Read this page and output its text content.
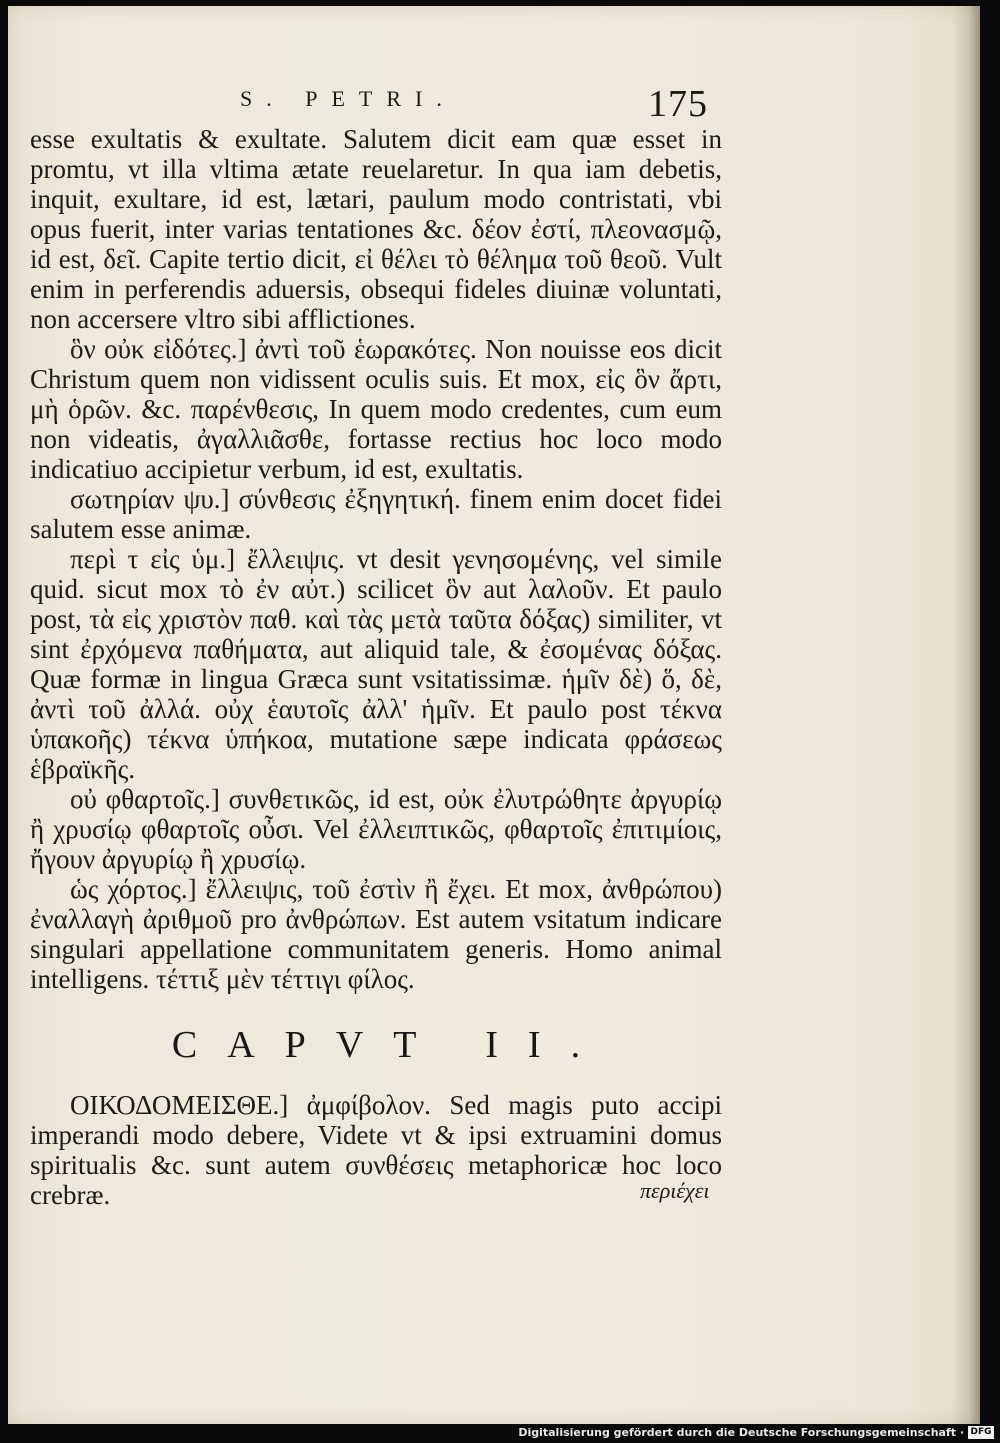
S. PETRI.	175

esse exultatis & exultate. Salutem dicit eam quæ esset in promtu, vt illa vltima ætate reuelaretur. In qua iam debetis, inquit, exultare, id est, lætari, paulum modo contristati, vbi opus fuerit, inter varias tentationes &c. δέον ἐστί, πλεονασμῷ, id est, δεῖ. Capite tertio dicit, εἰ θέλει τὸ θέλημα τοῦ θεοῦ. Vult enim in perferendis aduersis, obsequi fideles diuinæ voluntati, non accersere vltro sibi afflictiones.

ὃν οὐκ εἰδότες.] ἀντὶ τοῦ ἑωρακότες. Non nouisse eos dicit Christum quem non vidissent oculis suis. Et mox, εἰς ὃν ἄρτι, μὴ ὁρῶν. &c. παρένθεσις, In quem modo credentes, cum eum non videatis, ἀγαλλιᾶσθε, fortasse rectius hoc loco modo indicatiuo accipietur verbum, id est, exultatis.

σωτηρίαν ψυ.] σύνθεσις ἐξηγητική. finem enim docet fidei salutem esse animæ.

περὶ τ εἰς ὑμ.] ἔλλειψις. vt desit γενησομένης, vel simile quid. sicut mox τὸ ἐν αὐτ.) scilicet ὃν aut λαλοῦν. Et paulo post, τὰ εἰς χριστὸν παθ. καὶ τὰς μετὰ ταῦτα δόξας) similiter, vt sint ἐρχόμενα παθήματα, aut aliquid tale, & ἐσομένας δόξας. Quæ formæ in lingua Græca sunt vsitatissimæ. ἡμῖν δὲ) ὅ, δὲ, ἀντὶ τοῦ ἀλλά. οὐχ ἑαυτοῖς ἀλλ' ἡμῖν. Et paulo post τέκνα ὑπακοῆς) τέκνα ὑπήκοα, mutatione sæpe indicata φράσεως ἑβραϊκῆς.

οὐ φθαρτοῖς.] συνθετικῶς, id est, οὐκ ἐλυτρώθητε ἀργυρίῳ ἢ χρυσίῳ φθαρτοῖς οὖσι. Vel ἐλλειπτικῶς, φθαρτοῖς ἐπιτιμίοις, ἤγουν ἀργυρίῳ ἢ χρυσίῳ.

ὡς χόρτος.] ἔλλειψις, τοῦ ἐστὶν ἢ ἔχει. Et mox, ἀνθρώπου) ἐναλλαγὴ ἀριθμοῦ pro ἀνθρώπων. Est autem vsitatum indicare singulari appellatione communitatem generis. Homo animal intelligens. τέττιξ μὲν τέττιγι φίλος.

CAPVT II.

ΟΙΚΟΔΟΜΕΙΣΘΕ.] ἀμφίβολον. Sed magis puto accipi imperandi modo debere, Videte vt & ipsi extruamini domus spiritualis &c. sunt autem συνθέσεις metaphoricæ hoc loco crebræ.	περιέχει
Digitalisierung gefördert durch die Deutsche Forschungsgemeinschaft · DFG
